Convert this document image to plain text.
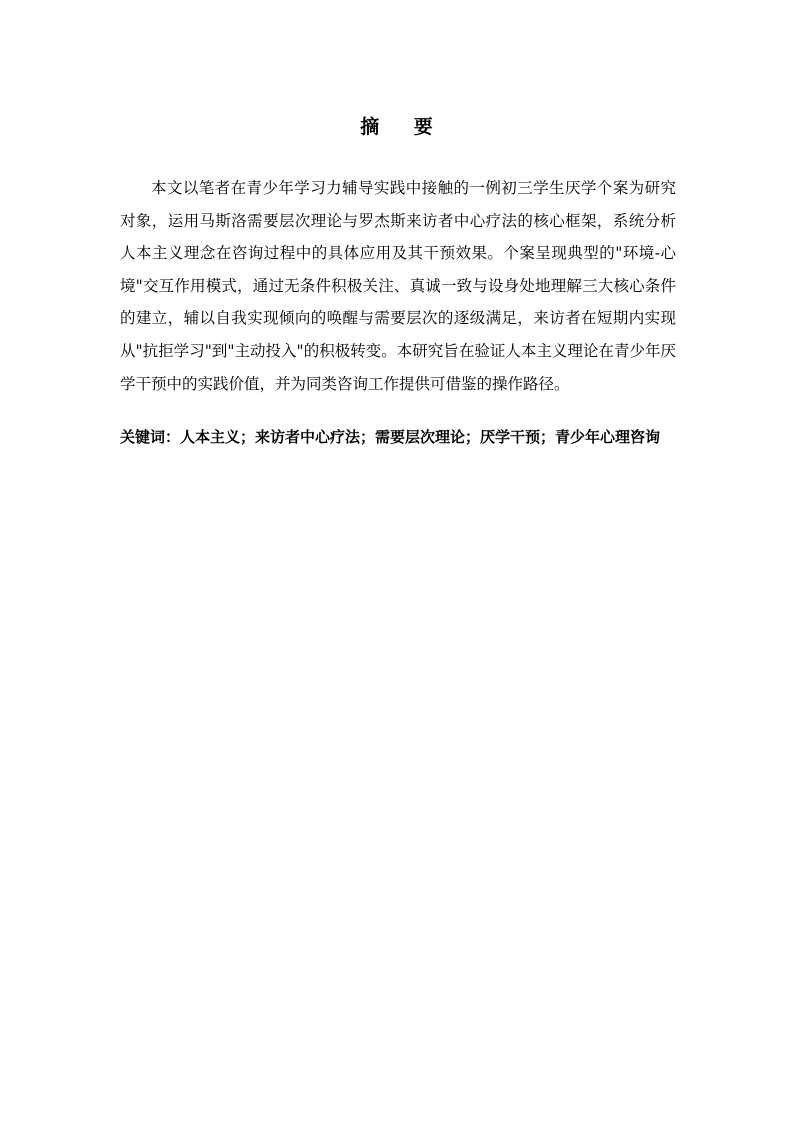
摘 要

本文以笔者在青少年学习力辅导实践中接触的一例初三学生厌学个案为研究对象，运用马斯洛需要层次理论与罗杰斯来访者中心疗法的核心框架，系统分析人本主义理念在咨询过程中的具体应用及其干预效果。个案呈现典型的"环境-心境"交互作用模式，通过无条件积极关注、真诚一致与设身处地理解三大核心条件的建立，辅以自我实现倾向的唤醒与需要层次的逐级满足，来访者在短期内实现从"抗拒学习"到"主动投入"的积极转变。本研究旨在验证人本主义理论在青少年厌学干预中的实践价值，并为同类咨询工作提供可借鉴的操作路径。

关键词：人本主义；来访者中心疗法；需要层次理论；厌学干预；青少年心理咨询
